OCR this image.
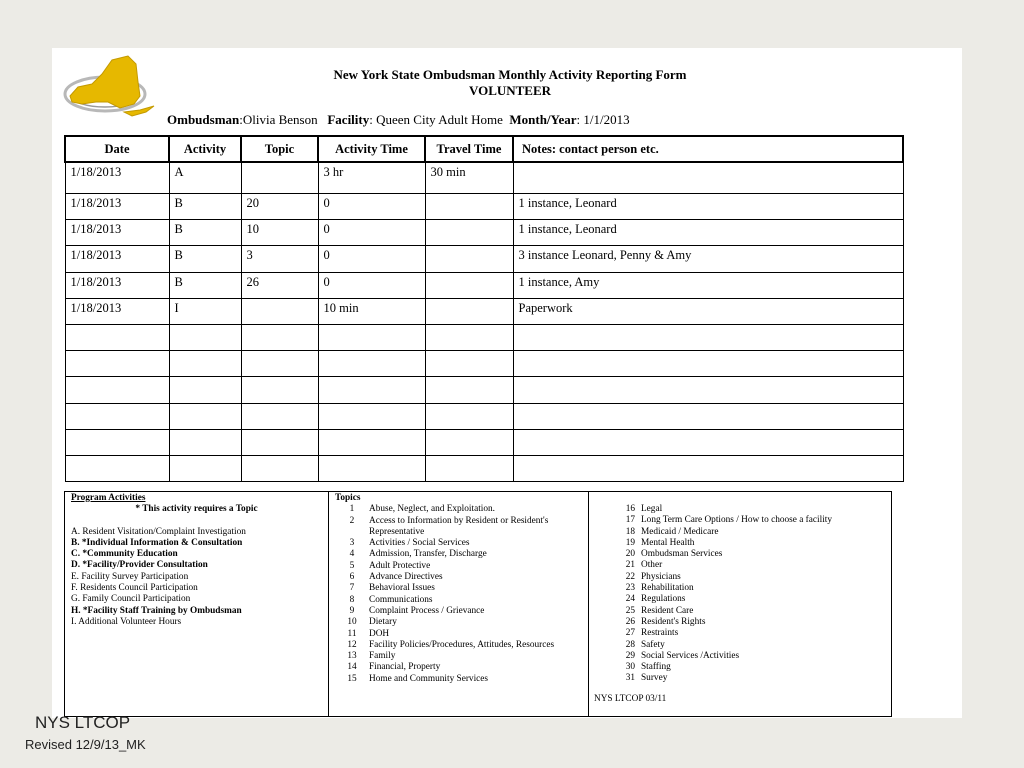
New York State Ombudsman Monthly Activity Reporting Form
VOLUNTEER
Ombudsman:Olivia Benson Facility: Queen City Adult Home Month/Year: 1/1/2013
Date	Activity	Topic	Activity Time	Travel Time	Notes: contact person etc.
1/18/2013	A		3 hr	30 min	
1/18/2013	B	20	0		1 instance, Leonard
1/18/2013	B	10	0		1 instance, Leonard
1/18/2013	B	3	0		3 instance Leonard, Penny & Amy
1/18/2013	B	26	0		1 instance, Amy
1/18/2013	I		10 min		Paperwork

Program Activities
* This activity requires a Topic
A. Resident Visitation/Complaint Investigation
B. *Individual Information & Consultation
C. *Community Education
D. *Facility/Provider Consultation
E. Facility Survey Participation
F. Residents Council Participation
G. Family Council Participation
H. *Facility Staff Training by Ombudsman
I. Additional Volunteer Hours
Topics
1	Abuse, Neglect, and Exploitation.
2	Access to Information by Resident or Resident's Representative
3	Activities / Social Services
4	Admission, Transfer, Discharge
5	Adult Protective
6	Advance Directives
7	Behavioral Issues
8	Communications
9	Complaint Process / Grievance
10	Dietary
11	DOH
12	Facility Policies/Procedures, Attitudes, Resources
13	Family
14	Financial, Property
15	Home and Community Services
16 Legal
17 Long Term Care Options / How to choose a facility
18 Medicaid / Medicare
19 Mental Health
20 Ombudsman Services
21 Other
22 Physicians
23 Rehabilitation
24 Regulations
25 Resident Care
26 Resident's Rights
27 Restraints
28 Safety
29 Social Services /Activities
30 Staffing
31 Survey
NYS LTCOP 03/11
NYS LTCOP
Revised 12/9/13_MK
